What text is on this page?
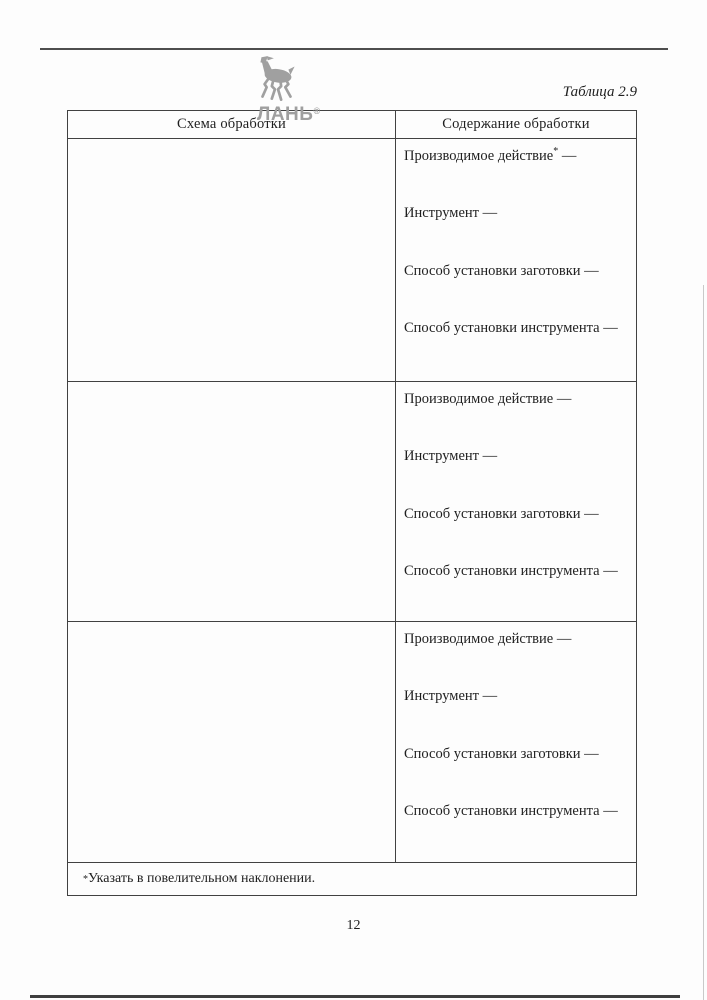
ЛАНЬ®
Таблица 2.9
Схема обработки	Содержание обработки
Производимое действие* —
Инструмент —
Способ установки заготовки —
Способ установки инструмента —
Производимое действие —
Инструмент —
Способ установки заготовки —
Способ установки инструмента —
Производимое действие —
Инструмент —
Способ установки заготовки —
Способ установки инструмента —
* Указать в повелительном наклонении.
12
